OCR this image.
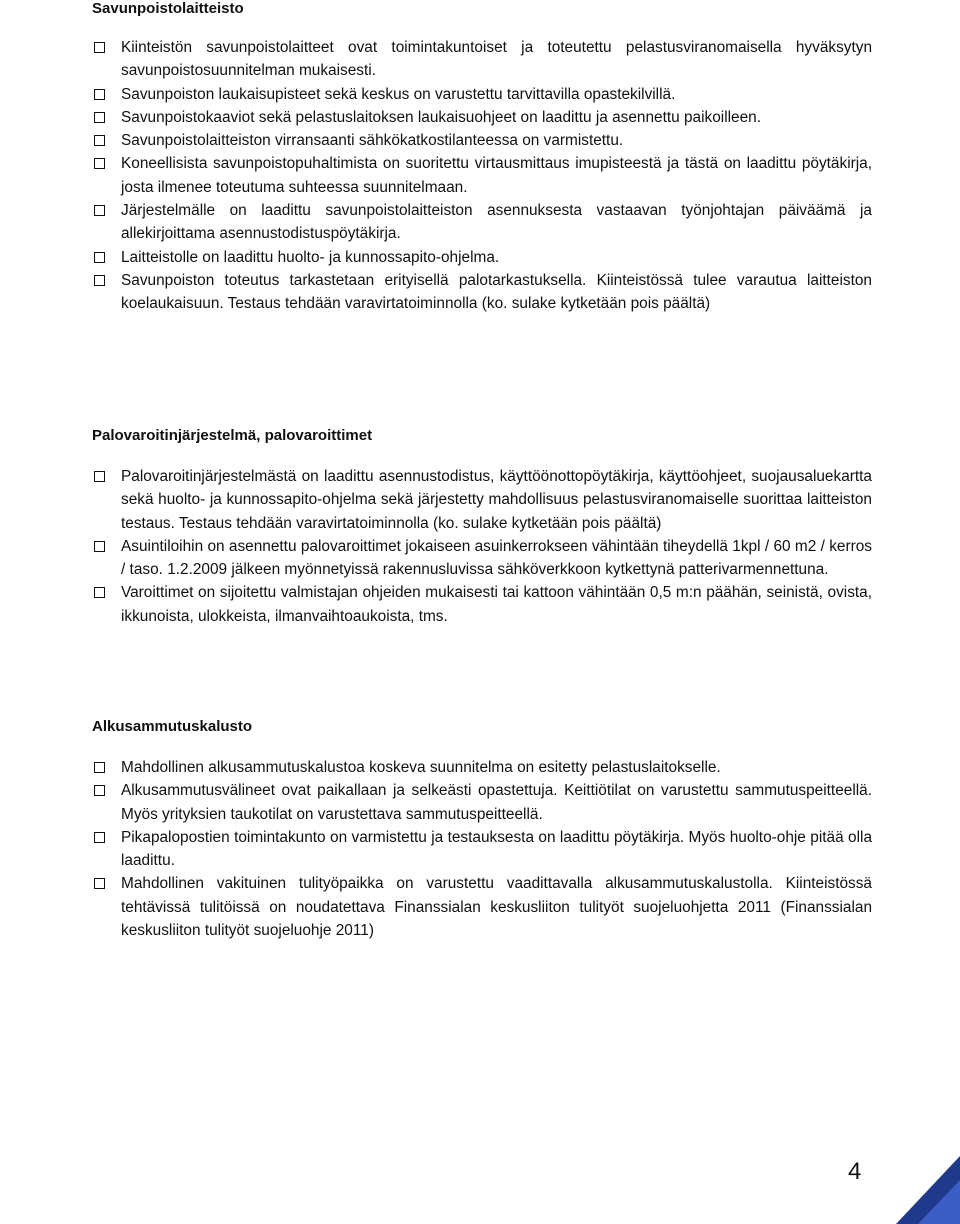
Savunpoistolaitteisto
Kiinteistön savunpoistolaitteet ovat toimintakuntoiset ja toteutettu pelastusviranomaisella hyväksytyn savunpoistosuunnitelman mukaisesti.
Savunpoiston laukaisupisteet sekä keskus on varustettu tarvittavilla opastekilvillä.
Savunpoistokaaviot sekä pelastuslaitoksen laukaisuohjeet on laadittu ja asennettu paikoilleen.
Savunpoistolaitteiston virransaanti sähkökatkostilanteessa on varmistettu.
Koneellisista savunpoistopuhaltimista on suoritettu virtausmittaus imupisteestä ja tästä on laadittu pöytäkirja, josta ilmenee toteutuma suhteessa suunnitelmaan.
Järjestelmälle on laadittu savunpoistolaitteiston asennuksesta vastaavan työnjohtajan päiväämä ja allekirjoittama asennustodistuspöytäkirja.
Laitteistolle on laadittu huolto- ja kunnossapito-ohjelma.
Savunpoiston toteutus tarkastetaan erityisellä palotarkastuksella. Kiinteistössä tulee varautua laitteiston koelaukaisuun. Testaus tehdään varavirtatoiminnolla (ko. sulake kytketään pois päältä)
Palovaroitinjärjestelmä, palovaroittimet
Palovaroitinjärjestelmästä on laadittu asennustodistus, käyttöönottopöytäkirja, käyttöohjeet, suojausaluekartta sekä huolto- ja kunnossapito-ohjelma sekä järjestetty mahdollisuus pelastusviranomaiselle suorittaa laitteiston testaus. Testaus tehdään varavirtatoiminnolla (ko. sulake kytketään pois päältä)
Asuintiloihin on asennettu palovaroittimet jokaiseen asuinkerrokseen vähintään tiheydellä 1kpl / 60 m2 / kerros / taso. 1.2.2009 jälkeen myönnetyissä rakennusluvissa sähköverkkoon kytkettynä patterivarmennettuna.
Varoittimet on sijoitettu valmistajan ohjeiden mukaisesti tai kattoon vähintään 0,5 m:n päähän, seinistä, ovista, ikkunoista, ulokkeista, ilmanvaihtoaukoista, tms.
Alkusammutuskalusto
Mahdollinen alkusammutuskalustoa koskeva suunnitelma on esitetty pelastuslaitokselle.
Alkusammutusvälineet ovat paikallaan ja selkeästi opastettuja. Keittiötilat on varustettu sammutuspeitteellä. Myös yrityksien taukotilat on varustettava sammutuspeitteellä.
Pikapalopostien toimintakunto on varmistettu ja testauksesta on laadittu pöytäkirja. Myös huolto-ohje pitää olla laadittu.
Mahdollinen vakituinen tulityöpaikka on varustettu vaadittavalla alkusammutuskalustolla. Kiinteistössä tehtävissä tulitöissä on noudatettava Finanssialan keskusliiton tulityöt suojeluohjetta 2011 (Finanssialan keskusliiton tulityöt suojeluohje 2011)
4
